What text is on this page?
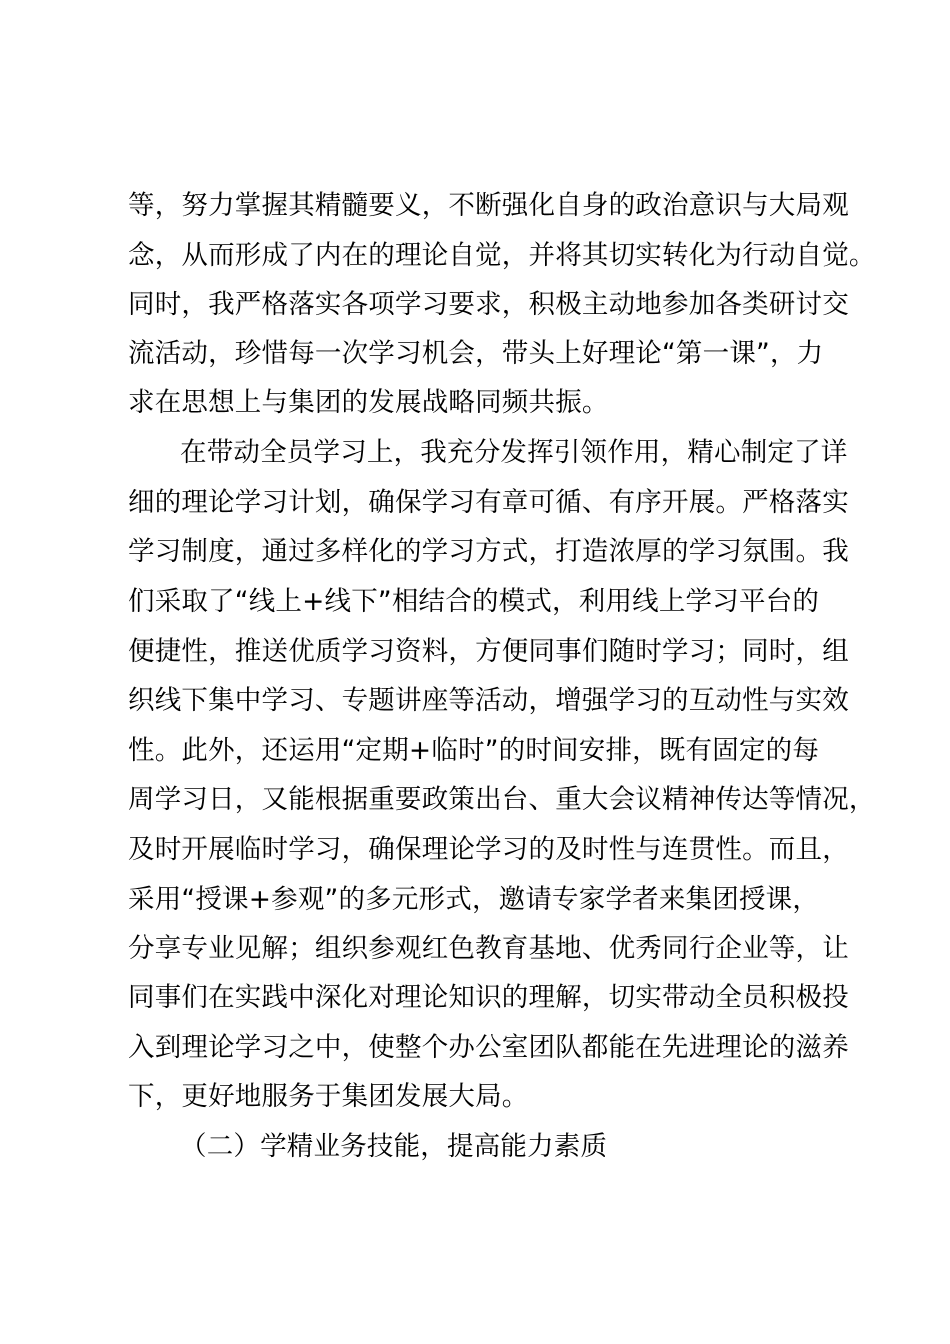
等，努力掌握其精髓要义，不断强化自身的政治意识与大局观
念，从而形成了内在的理论自觉，并将其切实转化为行动自觉。
同时，我严格落实各项学习要求，积极主动地参加各类研讨交
流活动，珍惜每一次学习机会，带头上好理论“第一课”，力
求在思想上与集团的发展战略同频共振。
在带动全员学习上，我充分发挥引领作用，精心制定了详
细的理论学习计划，确保学习有章可循、有序开展。严格落实
学习制度，通过多样化的学习方式，打造浓厚的学习氛围。我
们采取了“线上+线下”相结合的模式，利用线上学习平台的
便捷性，推送优质学习资料，方便同事们随时学习；同时，组
织线下集中学习、专题讲座等活动，增强学习的互动性与实效
性。此外，还运用“定期+临时”的时间安排，既有固定的每
周学习日，又能根据重要政策出台、重大会议精神传达等情况，
及时开展临时学习，确保理论学习的及时性与连贯性。而且，
采用“授课+参观”的多元形式，邀请专家学者来集团授课，
分享专业见解；组织参观红色教育基地、优秀同行企业等，让
同事们在实践中深化对理论知识的理解，切实带动全员积极投
入到理论学习之中，使整个办公室团队都能在先进理论的滋养
下，更好地服务于集团发展大局。
（二）学精业务技能，提高能力素质
